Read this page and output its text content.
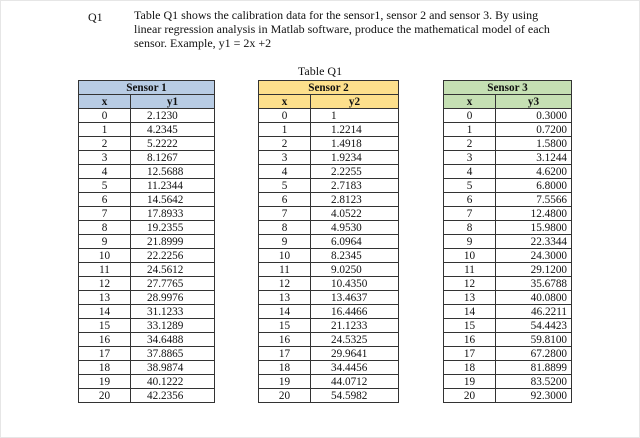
Q1	Table Q1 shows the calibration data for the sensor1, sensor 2 and sensor 3. By using linear regression analysis in Matlab software, produce the mathematical model of each sensor. Example, y1 = 2x +2
Table Q1
Sensor 1	
x	y1
0	2.1230
1	4.2345
2	5.2222
3	8.1267
4	12.5688
5	11.2344
6	14.5642
7	17.8933
8	19.2355
9	21.8999
10	22.2256
11	24.5612
12	27.7765
13	28.9976
14	31.1233
15	33.1289
16	34.6488
17	37.8865
18	38.9874
19	40.1222
20	42.2356
Sensor 2	
x	y2
0	1
1	1.2214
2	1.4918
3	1.9234
4	2.2255
5	2.7183
6	2.8123
7	4.0522
8	4.9530
9	6.0964
10	8.2345
11	9.0250
12	10.4350
13	13.4637
14	16.4466
15	21.1233
16	24.5325
17	29.9641
18	34.4456
19	44.0712
20	54.5982
Sensor 3	
x	y3
0	0.3000
1	0.7200
2	1.5800
3	3.1244
4	4.6200
5	6.8000
6	7.5566
7	12.4800
8	15.9800
9	22.3344
10	24.3000
11	29.1200
12	35.6788
13	40.0800
14	46.2211
15	54.4423
16	59.8100
17	67.2800
18	81.8899
19	83.5200
20	92.3000
